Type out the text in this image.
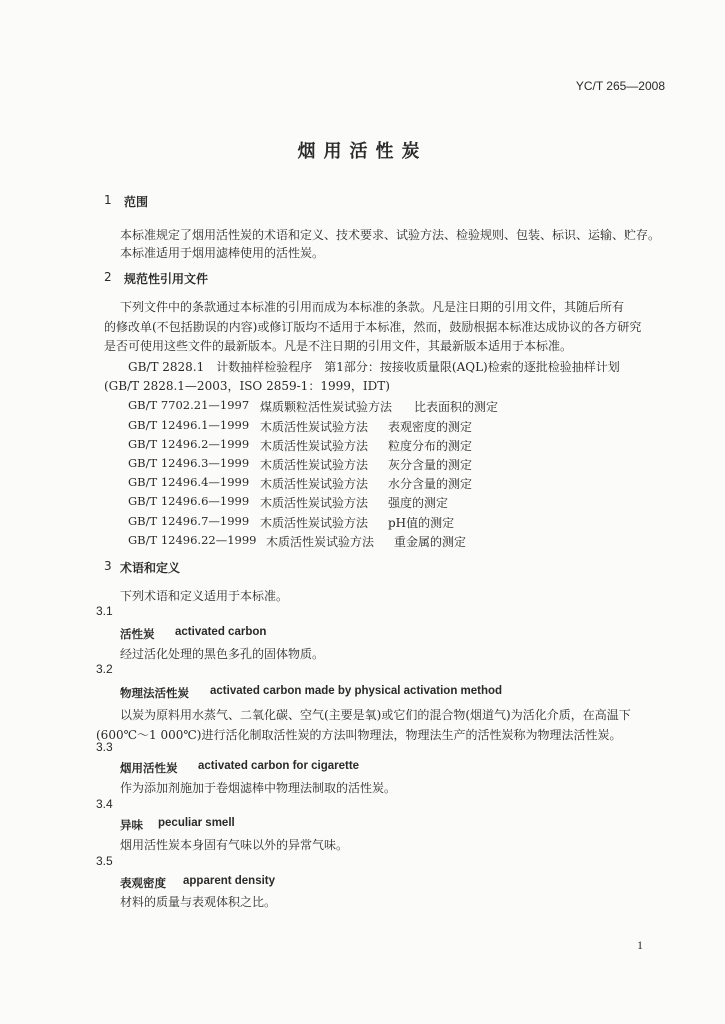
YC/T 265—2008
烟用活性炭
1 范围
本标准规定了烟用活性炭的术语和定义、技术要求、试验方法、检验规则、包装、标识、运输、贮存。
本标准适用于烟用滤棒使用的活性炭。
2 规范性引用文件
下列文件中的条款通过本标准的引用而成为本标准的条款。凡是注日期的引用文件，其随后所有
的修改单(不包括勘误的内容)或修订版均不适用于本标准，然而，鼓励根据本标准达成协议的各方研究
是否可使用这些文件的最新版本。凡是不注日期的引用文件，其最新版本适用于本标准。
GB/T 2828.1　计数抽样检验程序　第1部分：按接收质量限(AQL)检索的逐批检验抽样计划
(GB/T 2828.1—2003，ISO 2859-1：1999，IDT)
GB/T 7702.21—1997 煤质颗粒活性炭试验方法 比表面积的测定
GB/T 12496.1—1999 木质活性炭试验方法 表观密度的测定
GB/T 12496.2—1999 木质活性炭试验方法 粒度分布的测定
GB/T 12496.3—1999 木质活性炭试验方法 灰分含量的测定
GB/T 12496.4—1999 木质活性炭试验方法 水分含量的测定
GB/T 12496.6—1999 木质活性炭试验方法 强度的测定
GB/T 12496.7—1999 木质活性炭试验方法 pH值的测定
GB/T 12496.22—1999 木质活性炭试验方法 重金属的测定
3 术语和定义
下列术语和定义适用于本标准。
3.1
活性炭 activated carbon
经过活化处理的黑色多孔的固体物质。
3.2
物理法活性炭 activated carbon made by physical activation method
以炭为原料用水蒸气、二氧化碳、空气(主要是氧)或它们的混合物(烟道气)为活化介质，在高温下
(600℃～1 000℃)进行活化制取活性炭的方法叫物理法，物理法生产的活性炭称为物理法活性炭。
3.3
烟用活性炭 activated carbon for cigarette
作为添加剂施加于卷烟滤棒中物理法制取的活性炭。
3.4
异味 peculiar smell
烟用活性炭本身固有气味以外的异常气味。
3.5
表观密度 apparent density
材料的质量与表观体积之比。
1
